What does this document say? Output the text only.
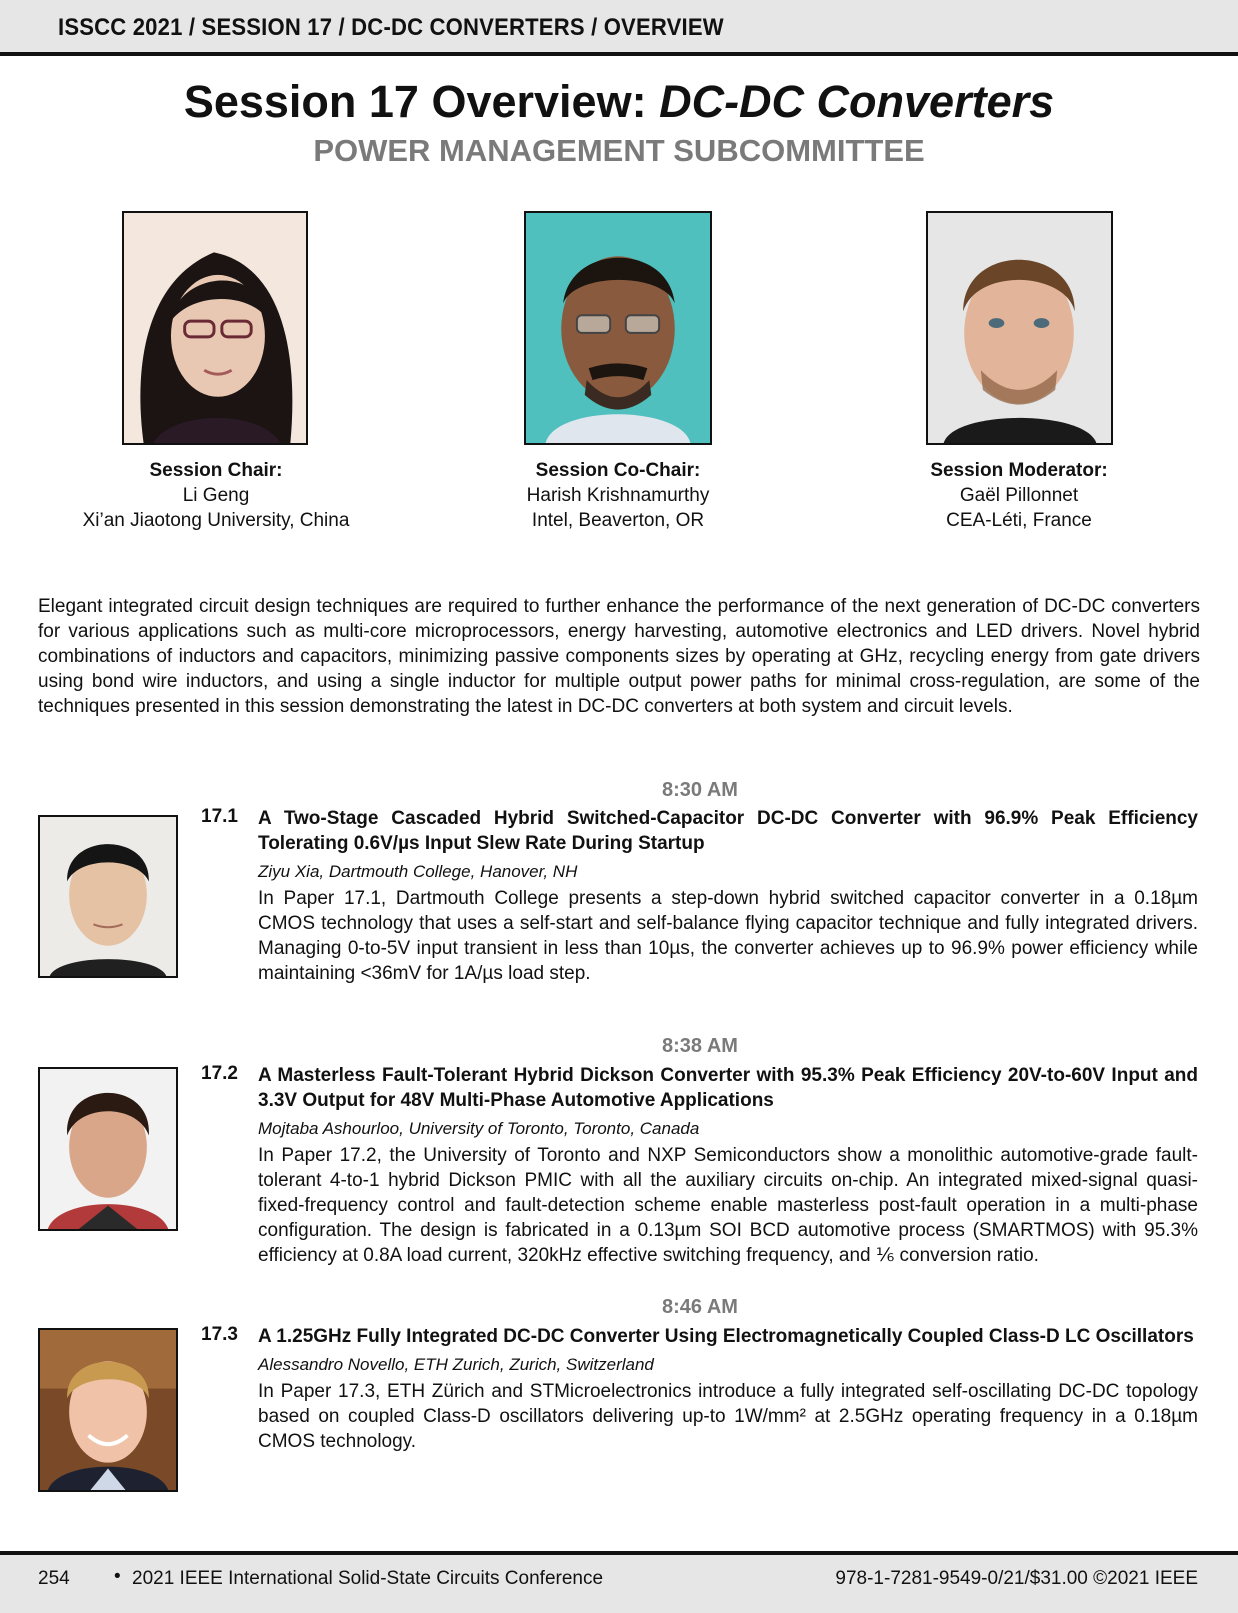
ISSCC 2021 / SESSION 17 / DC-DC CONVERTERS / OVERVIEW
Session 17 Overview: DC-DC Converters
POWER MANAGEMENT SUBCOMMITTEE
Session Chair:
Li Geng
Xi’an Jiaotong University, China
Session Co-Chair:
Harish Krishnamurthy
Intel, Beaverton, OR
Session Moderator:
Gaël Pillonnet
CEA-Léti, France
Elegant integrated circuit design techniques are required to further enhance the performance of the next generation of DC-DC converters for various applications such as multi-core microprocessors, energy harvesting, automotive electronics and LED drivers. Novel hybrid combinations of inductors and capacitors, minimizing passive components sizes by operating at GHz, recycling energy from gate drivers using bond wire inductors, and using a single inductor for multiple output power paths for minimal cross-regulation, are some of the techniques presented in this session demonstrating the latest in DC-DC converters at both system and circuit levels.
8:30 AM
17.1 A Two-Stage Cascaded Hybrid Switched-Capacitor DC-DC Converter with 96.9% Peak Efficiency Tolerating 0.6V/µs Input Slew Rate During Startup
Ziyu Xia, Dartmouth College, Hanover, NH
In Paper 17.1, Dartmouth College presents a step-down hybrid switched capacitor converter in a 0.18µm CMOS technology that uses a self-start and self-balance flying capacitor technique and fully integrated drivers. Managing 0-to-5V input transient in less than 10µs, the converter achieves up to 96.9% power efficiency while maintaining <36mV for 1A/µs load step.
8:38 AM
17.2 A Masterless Fault-Tolerant Hybrid Dickson Converter with 95.3% Peak Efficiency 20V-to-60V Input and 3.3V Output for 48V Multi-Phase Automotive Applications
Mojtaba Ashourloo, University of Toronto, Toronto, Canada
In Paper 17.2, the University of Toronto and NXP Semiconductors show a monolithic automotive-grade fault-tolerant 4-to-1 hybrid Dickson PMIC with all the auxiliary circuits on-chip. An integrated mixed-signal quasi-fixed-frequency control and fault-detection scheme enable masterless post-fault operation in a multi-phase configuration. The design is fabricated in a 0.13µm SOI BCD automotive process (SMARTMOS) with 95.3% efficiency at 0.8A load current, 320kHz effective switching frequency, and ⅙ conversion ratio.
8:46 AM
17.3 A 1.25GHz Fully Integrated DC-DC Converter Using Electromagnetically Coupled Class-D LC Oscillators
Alessandro Novello, ETH Zurich, Zurich, Switzerland
In Paper 17.3, ETH Zürich and STMicroelectronics introduce a fully integrated self-oscillating DC-DC topology based on coupled Class-D oscillators delivering up-to 1W/mm² at 2.5GHz operating frequency in a 0.18µm CMOS technology.
254 • 2021 IEEE International Solid-State Circuits Conference	978-1-7281-9549-0/21/$31.00 ©2021 IEEE
